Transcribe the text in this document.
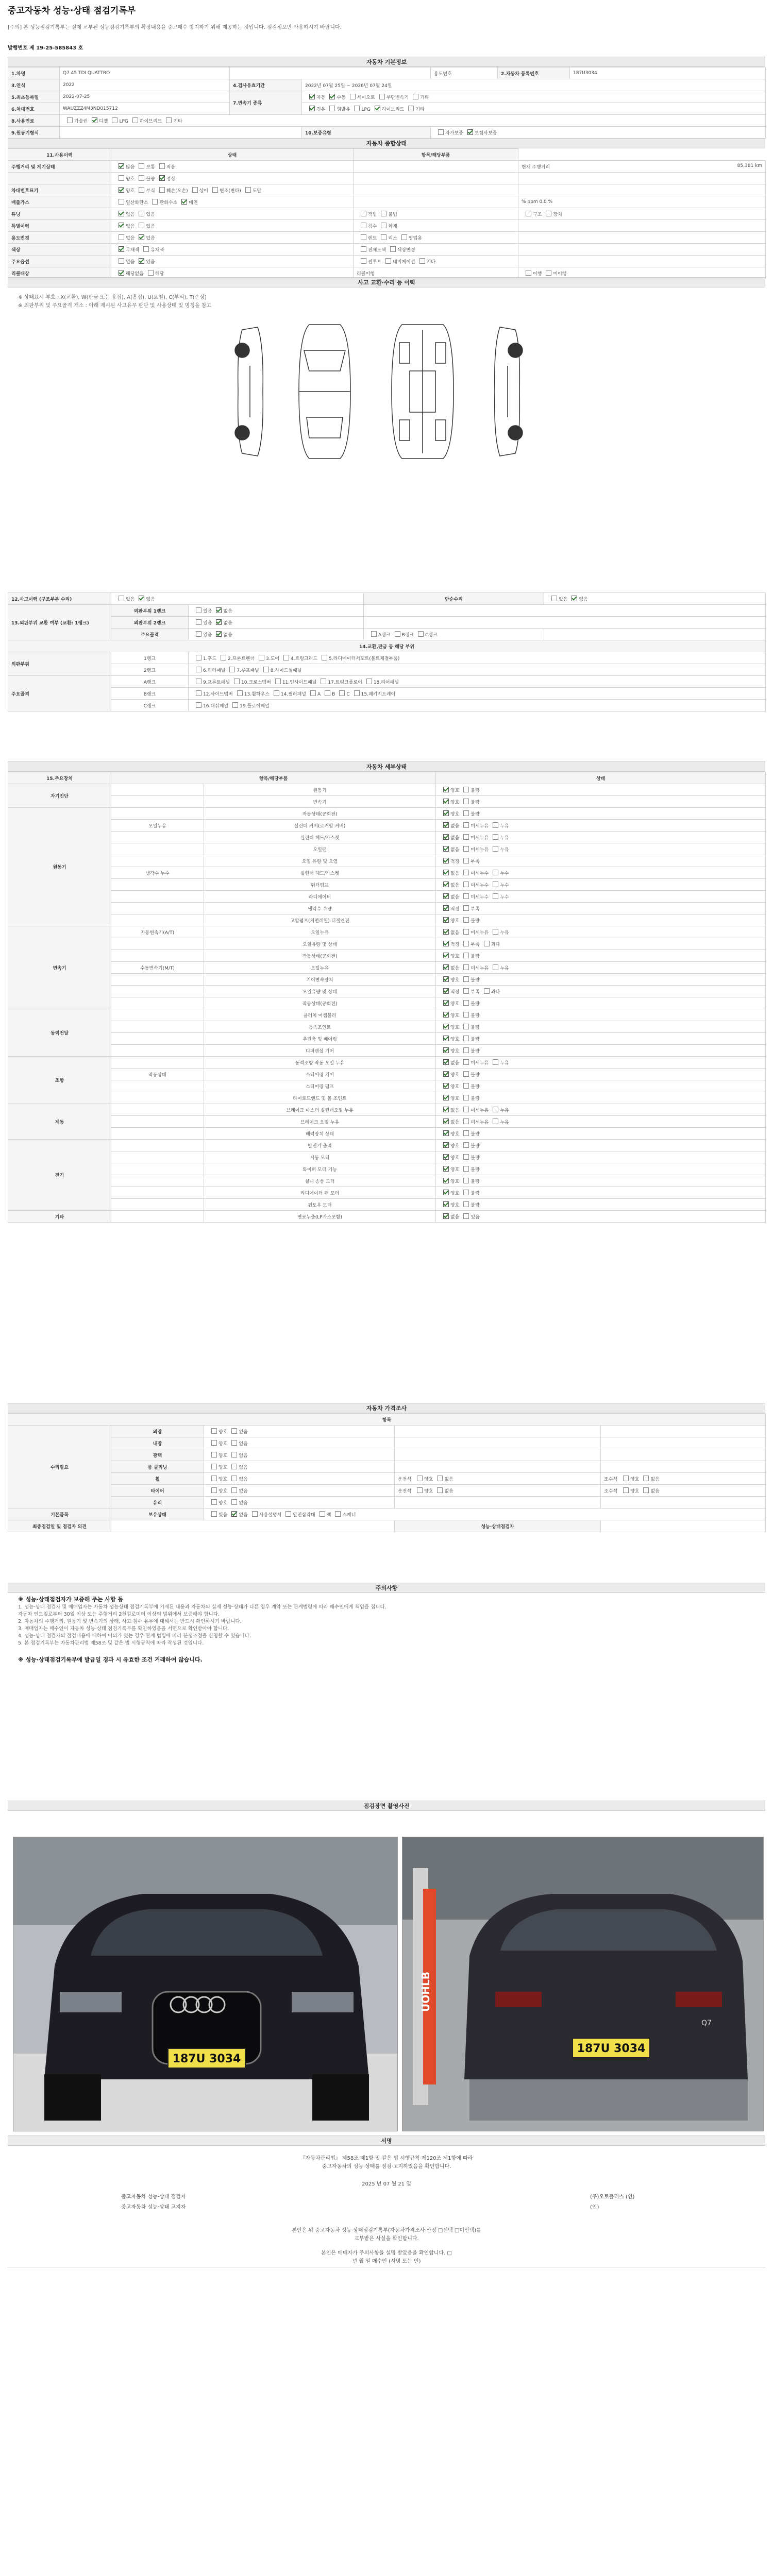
중고자동차 성능·상태 점검기록부
[주의] 본 성능점검기록부는 실제 교부된 성능점검기록부의 확장내용을 중고매수 방지하기 위해 제공하는 것입니다. 점검정보만 사용하시기 바랍니다.
발행번호 제 19-25-585843 호
자동차 기본정보
1.차명	Q7 45 TDI QUATTRO			용도번호	2.자동차 등록번호	187U3034
3.연식	2022	4.검사유효기간	2022년 07월 25일 ~ 2026년 07월 24일			
5.최초등록일	2022-07-25	7.변속기 종류	자동 수동 세미오토 무단변속기 기타			
6.차대번호	WAUZZZ4M3ND015712		경유 휘발유 LPG 하이브리드 기타			
8.사용연료	가솔린 디젤 LPG 하이브리드 기타					
9.원동기형식			10.보증유형	자가보증 보험사보증		
자동차 종합상태
11.사용이력	상태	항목/해당부품	
주행거리 및 계기상태	많음 보통 적음		현재 주행거리 85,381 km

	양호 불량 정상		
차대번호표기	양호 부식 훼손(오손) 상이 변조(변타) 도말		
배출가스	일산화탄소 탄화수소 매연		% ppm 0.0 %
튜닝	없음 있음	적법 불법	구조 장치
특별이력	없음 있음	침수 화재	
용도변경	없음 있음	렌트 리스 영업용	
색상	무채색 유채색	전체도색 색상변경	
주요옵션	없음 있음	썬루프 네비게이션 기타	
리콜대상	해당없음 해당	리콜이행	이행 미이행
사고 교환·수리 등 이력
※ 상태표시 부호 : X(교환), W(판금 또는 용접), A(흠집), U(요철), C(부식), T(손상)
※ 외판부위 및 주요골격 개소 : 아래 제시된 사고유무 판단 및 사용상태 및 명칭을 참고
12.사고이력 (구조부분 수리)	있음 없음		단순수리	있음 없음
13.외판부위 교환 여부 (교환: 1랭크)	외판부위 1랭크	있음 없음		
	외판부위 2랭크	있음 없음		
	주요골격	있음 없음	A랭크 B랭크 C랭크	
14.교환,판금 등 해당 부위				
외판부위	1랭크	1.후드 2.프론트펜더 3.도어 4.트렁크리드 5.라디에이터서포트(볼트체결부품)		
	2랭크	6.쿼터패널 7.루프패널 8.사이드실패널		
주요골격	A랭크	9.프론트패널 10.크로스멤버 11.인사이드패널 17.트렁크플로어 18.리어패널		
	B랭크	12.사이드멤버 13.휠하우스 14.필러패널 A B C 15.패키지트레이		
	C랭크	16.대쉬패널 19.플로어패널		
자동차 세부상태
15.주요장치	항목/해당부품		상태
자기진단		원동기	양호 불량
		변속기	양호 불량
원동기		작동상태(공회전)	양호 불량
	오일누유	실린더 커버(로커암 커버)	없음 미세누유 누유
		실린더 헤드/가스켓	없음 미세누유 누유
		오일팬	없음 미세누유 누유
		오일 유량 및 오염	적정 부족
	냉각수 누수	실린더 헤드/가스켓	없음 미세누수 누수
		워터펌프	없음 미세누수 누수
		라디에이터	없음 미세누수 누수
		냉각수 수량	적정 부족
		고압펌프(커먼레일)-디젤엔진	양호 불량
변속기	자동변속기(A/T)	오일누유	없음 미세누유 누유
		오일유량 및 상태	적정 부족 과다
		작동상태(공회전)	양호 불량
	수동변속기(M/T)	오일누유	없음 미세누유 누유
		기어변속장치	양호 불량
		오일유량 및 상태	적정 부족 과다
		작동상태(공회전)	양호 불량
동력전달		클러치 어셈블리	양호 불량
		등속조인트	양호 불량
		추진축 및 베어링	양호 불량
		디퍼렌셜 기어	양호 불량
조향		동력조향 작동 오일 누유	없음 미세누유 누유
	작동상태	스티어링 기어	양호 불량
		스티어링 펌프	양호 불량
		타이로드엔드 및 볼 조인트	양호 불량
제동		브레이크 마스터 실린더오일 누유	없음 미세누유 누유
		브레이크 오일 누유	없음 미세누유 누유
		배력장치 상태	양호 불량
전기		발전기 출력	양호 불량
		시동 모터	양호 불량
		와이퍼 모터 기능	양호 불량
		실내 송풍 모터	양호 불량
		라디에이터 팬 모터	양호 불량
		윈도우 모터	양호 불량
기타		연료누출(LP가스포함)	없음 있음
자동차 가격조사
항목				
수리필요	외장	양호 없음		
	내장	양호 없음		
	광택	양호 없음		
	룸 클리닝	양호 없음		
	휠	양호 없음	운전석 양호 없음	조수석 양호 없음
	타이어	양호 없음	운전석 양호 없음	조수석 양호 없음
	유리	양호 없음		
기본품목	보유상태	있음 없음 사용설명서 안전삼각대 잭 스패너		
최종점검일 및 점검자 의견			성능·상태점검자	
주의사항
※ 성능·상태점검자가 보증해 주는 사항 등
1. 성능·상태 점검자 및 매매업자는 자동차 성능상태 점검기록부에 기재된 내용과 자동차의 실제 성능·상태가 다른 경우 계약 또는 관계법령에 따라 매수인에게 책임을 집니다.
자동차 인도일로부터 30일 이상 또는 주행거리 2천킬로미터 이상의 범위에서 보증해야 합니다.
2. 자동차의 주행거리, 원동기 및 변속기의 상태, 사고·침수 유무에 대해서는 반드시 확인하시기 바랍니다.
3. 매매업자는 매수인이 자동차 성능·상태 점검기록부를 확인하였음을 서면으로 확인받아야 합니다.
4. 성능·상태 점검자의 점검내용에 대하여 이의가 있는 경우 관계 법령에 따라 분쟁조정을 신청할 수 있습니다.
5. 본 점검기록부는 자동차관리법 제58조 및 같은 법 시행규칙에 따라 작성된 것입니다.
※ 성능·상태점검기록부에 발급일 경과 시 유효한 조건 거래하여 않습니다.
점검장면 촬영사진
187U 3034
UOHLB
187U 3034
Q7
서명
『자동차관리법』 제58조 제1항 및 같은 법 시행규칙 제120조 제1항에 따라
중고자동차의 성능·상태를 점검·고지하였음을 확인합니다.
2025 년 07 월 21 일
중고자동차 성능·상태 점검자	(주)오토플러스 (인)
중고자동차 성능·상태 고지자	(인)
본인은 위 중고자동차 성능·상태점검기록부(자동차가격조사·산정 □선택 □미선택)를
교부받은 사실을 확인합니다.
본인은 매매자가 주의사항을 설명 받았음을 확인합니다. □
년 월 일 매수인 (서명 또는 인)
